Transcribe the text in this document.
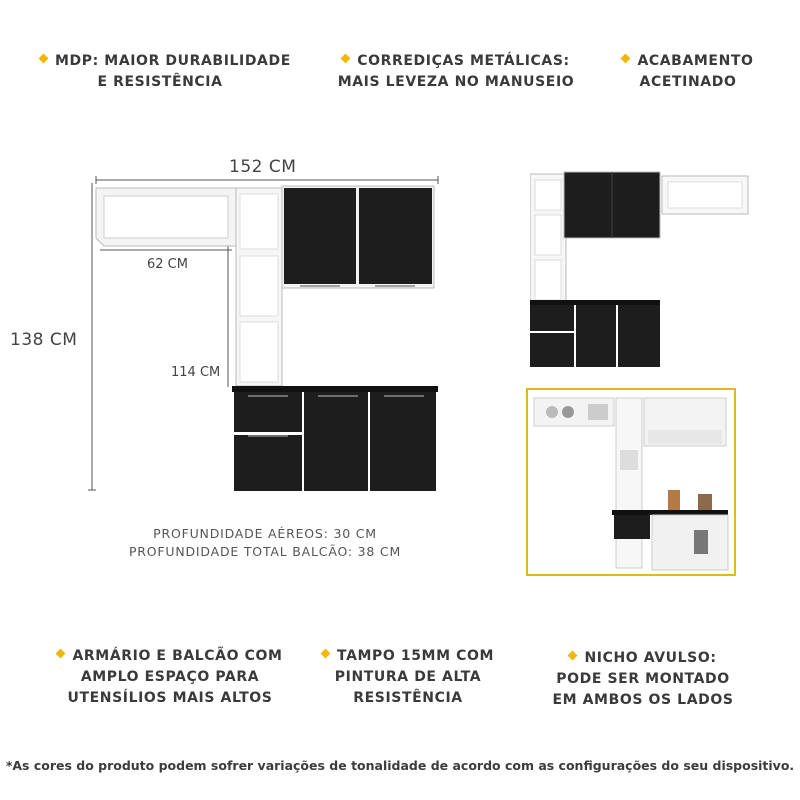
MDP: MAIOR DURABILIDADE
E RESISTÊNCIA
CORREDIÇAS METÁLICAS:
MAIS LEVEZA NO MANUSEIO
ACABAMENTO
ACETINADO
152 CM
138 CM
62 CM
114 CM
PROFUNDIDADE AÉREOS: 30 CM
PROFUNDIDADE TOTAL BALCÃO: 38 CM
ARMÁRIO E BALCÃO COM
AMPLO ESPAÇO PARA
UTENSÍLIOS MAIS ALTOS
TAMPO 15MM COM
PINTURA DE ALTA
RESISTÊNCIA
NICHO AVULSO:
PODE SER MONTADO
EM AMBOS OS LADOS
*As cores do produto podem sofrer variações de tonalidade de acordo com as configurações do seu dispositivo.
